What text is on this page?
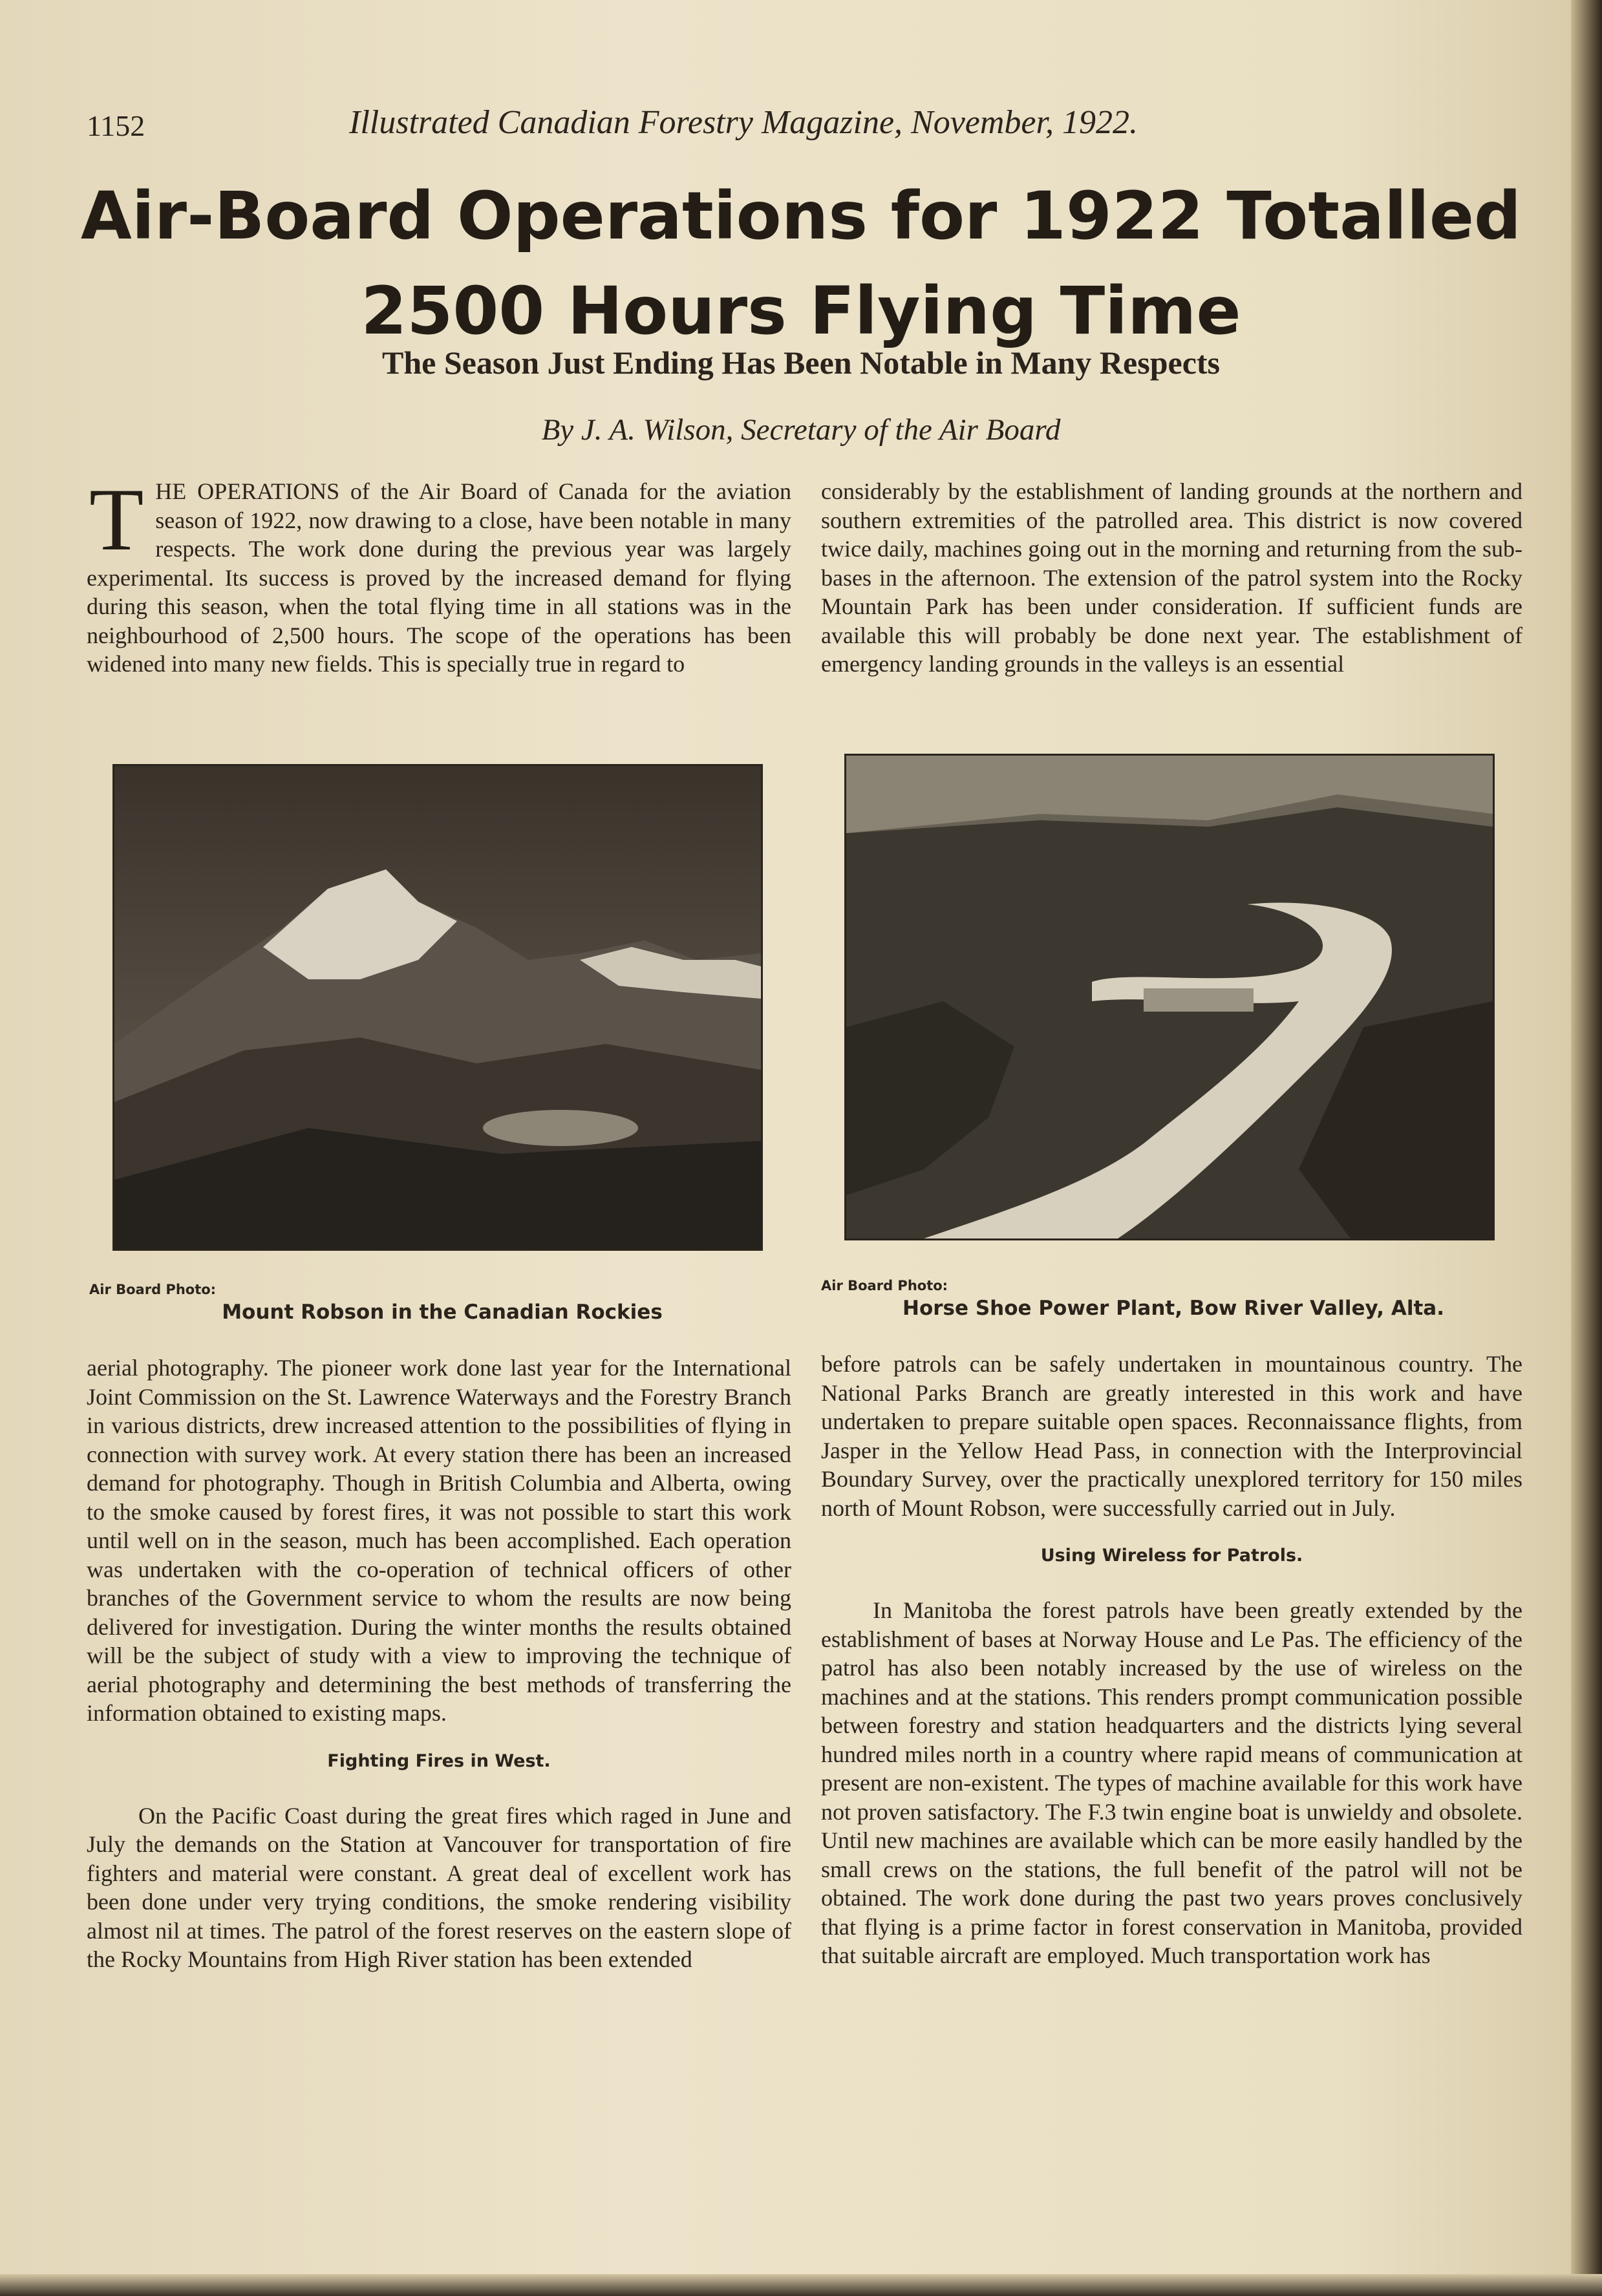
1152	Illustrated Canadian Forestry Magazine, November, 1922.
Air-Board Operations for 1922 Totalled
2500 Hours Flying Time
The Season Just Ending Has Been Notable in Many Respects
By J. A. Wilson, Secretary of the Air Board

THE OPERATIONS of the Air Board of Canada for the aviation season of 1922, now drawing to a close, have been notable in many respects. The work done during the previous year was largely experimental. Its success is proved by the increased demand for flying during this season, when the total flying time in all stations was in the neighbourhood of 2,500 hours. The scope of the operations has been widened into many new fields. This is specially true in regard to

considerably by the establishment of landing grounds at the northern and southern extremities of the patrolled area. This district is now covered twice daily, machines going out in the morning and returning from the sub-bases in the afternoon. The extension of the patrol system into the Rocky Mountain Park has been under consideration. If sufficient funds are available this will probably be done next year. The establishment of emergency landing grounds in the valleys is an essential

Air Board Photo:
Mount Robson in the Canadian Rockies
Air Board Photo:
Horse Shoe Power Plant, Bow River Valley, Alta.

aerial photography. The pioneer work done last year for the International Joint Commission on the St. Lawrence Waterways and the Forestry Branch in various districts, drew increased attention to the possibilities of flying in connection with survey work. At every station there has been an increased demand for photography. Though in British Columbia and Alberta, owing to the smoke caused by forest fires, it was not possible to start this work until well on in the season, much has been accomplished. Each operation was undertaken with the co-operation of technical officers of other branches of the Government service to whom the results are now being delivered for investigation. During the winter months the results obtained will be the subject of study with a view to improving the technique of aerial photography and determining the best methods of transferring the information obtained to existing maps.

Fighting Fires in West.

On the Pacific Coast during the great fires which raged in June and July the demands on the Station at Vancouver for transportation of fire fighters and material were constant. A great deal of excellent work has been done under very trying conditions, the smoke rendering visibility almost nil at times. The patrol of the forest reserves on the eastern slope of the Rocky Mountains from High River station has been extended

before patrols can be safely undertaken in mountainous country. The National Parks Branch are greatly interested in this work and have undertaken to prepare suitable open spaces. Reconnaissance flights, from Jasper in the Yellow Head Pass, in connection with the Interprovincial Boundary Survey, over the practically unexplored territory for 150 miles north of Mount Robson, were successfully carried out in July.

Using Wireless for Patrols.

In Manitoba the forest patrols have been greatly extended by the establishment of bases at Norway House and Le Pas. The efficiency of the patrol has also been notably increased by the use of wireless on the machines and at the stations. This renders prompt communication possible between forestry and station headquarters and the districts lying several hundred miles north in a country where rapid means of communication at present are non-existent. The types of machine available for this work have not proven satisfactory. The F.3 twin engine boat is unwieldy and obsolete. Until new machines are available which can be more easily handled by the small crews on the stations, the full benefit of the patrol will not be obtained. The work done during the past two years proves conclusively that flying is a prime factor in forest conservation in Manitoba, provided that suitable aircraft are employed. Much transportation work has
